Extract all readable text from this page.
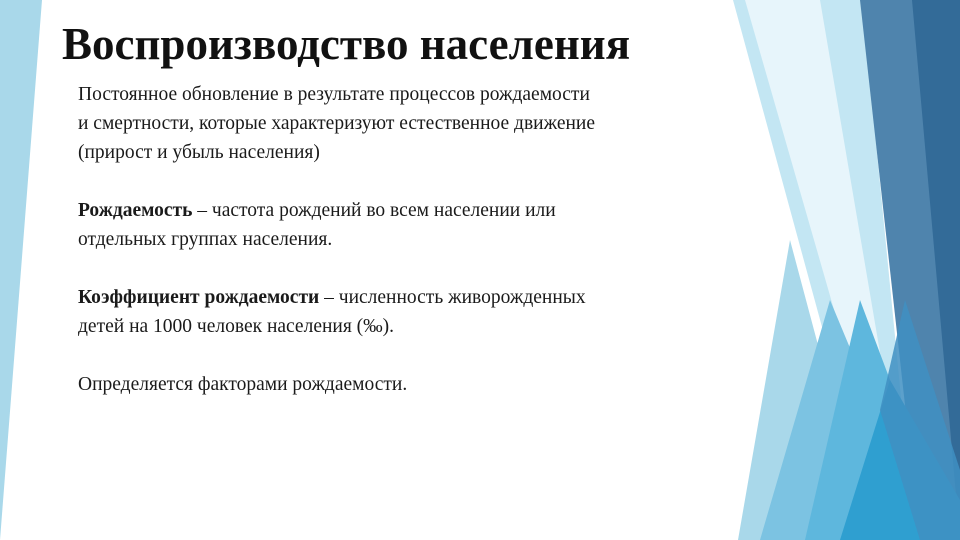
Воспроизводство населения

Постоянное обновление в результате процессов рождаемости

и смертности, которые характеризуют естественное движение

(прирост и убыль населения)

Рождаемость – частота рождений во всем населении или

отдельных группах населения.

Коэффициент рождаемости – численность живорожденных

детей на 1000 человек населения (‰).

Определяется факторами рождаемости.
